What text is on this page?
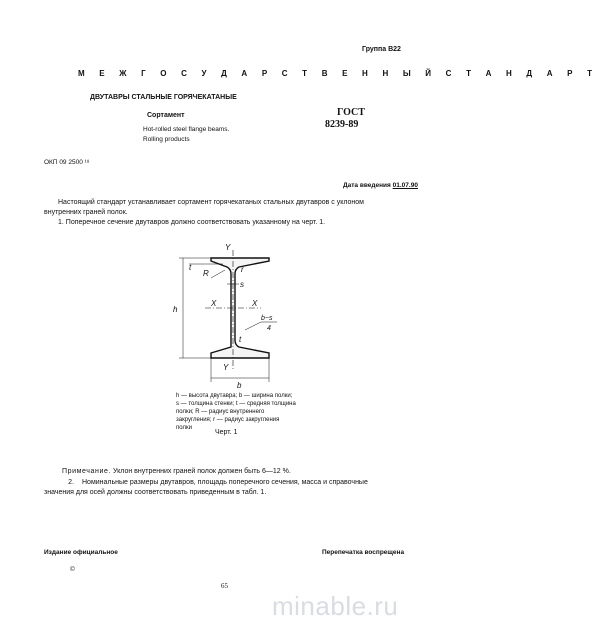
Группа В22
М Е Ж Г О С У Д А Р С Т В Е Н Н Ы Й С Т А Н Д А Р Т
ДВУТАВРЫ СТАЛЬНЫЕ ГОРЯЧЕКАТАНЫЕ
Сортамент	ГОСТ
8239-89
Hot-rolled steel flange beams.
Rolling products
ОКП 09 2500 ¹⁸
Дата введения 01.07.90
Настоящий стандарт устанавливает сортамент горячекатаных стальных двутавров с уклоном внутренних граней полок.
1. Поперечное сечение двутавров должно соответствовать указанному на черт. 1.
Y
Y
X	X
h
t
R	r
s
t
b
b−s
4
h — высота двутавра; b — ширина полки; s — толщина стенки; t — средняя толщина полки; R — радиус внутреннего закругления; r — радиус закругления полки
Черт. 1
Примечание. Уклон внутренних граней полок должен быть 6—12 %.
2. Номинальные размеры двутавров, площадь поперечного сечения, масса и справочные значения для осей должны соответствовать приведенным в табл. 1.
Издание официальное	Перепечатка воспрещена
©
65
minable.ru
